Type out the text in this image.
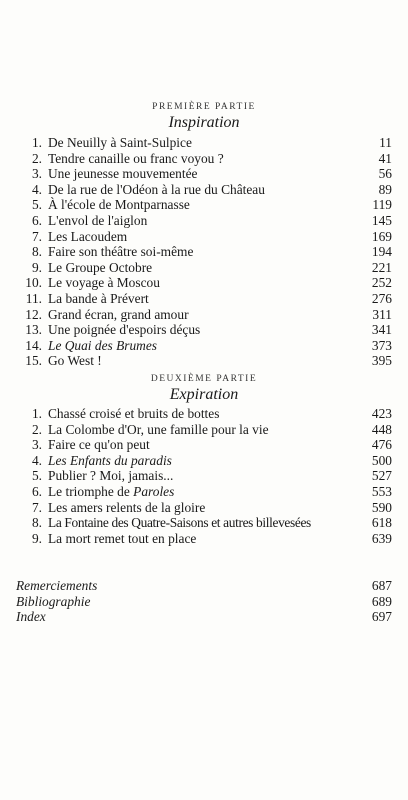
PREMIÈRE PARTIE
Inspiration
1. De Neuilly à Saint-Sulpice	11
2. Tendre canaille ou franc voyou ?	41
3. Une jeunesse mouvementée	56
4. De la rue de l'Odéon à la rue du Château	89
5. À l'école de Montparnasse	119
6. L'envol de l'aiglon	145
7. Les Lacoudem	169
8. Faire son théâtre soi-même	194
9. Le Groupe Octobre	221
10. Le voyage à Moscou	252
11. La bande à Prévert	276
12. Grand écran, grand amour	311
13. Une poignée d'espoirs déçus	341
14. Le Quai des Brumes	373
15. Go West !	395
DEUXIÈME PARTIE
Expiration
1. Chassé croisé et bruits de bottes	423
2. La Colombe d'Or, une famille pour la vie	448
3. Faire ce qu'on peut	476
4. Les Enfants du paradis	500
5. Publier ? Moi, jamais...	527
6. Le triomphe de Paroles	553
7. Les amers relents de la gloire	590
8. La Fontaine des Quatre-Saisons et autres billevesées	618
9. La mort remet tout en place	639
Remerciements	687
Bibliographie	689
Index	697
